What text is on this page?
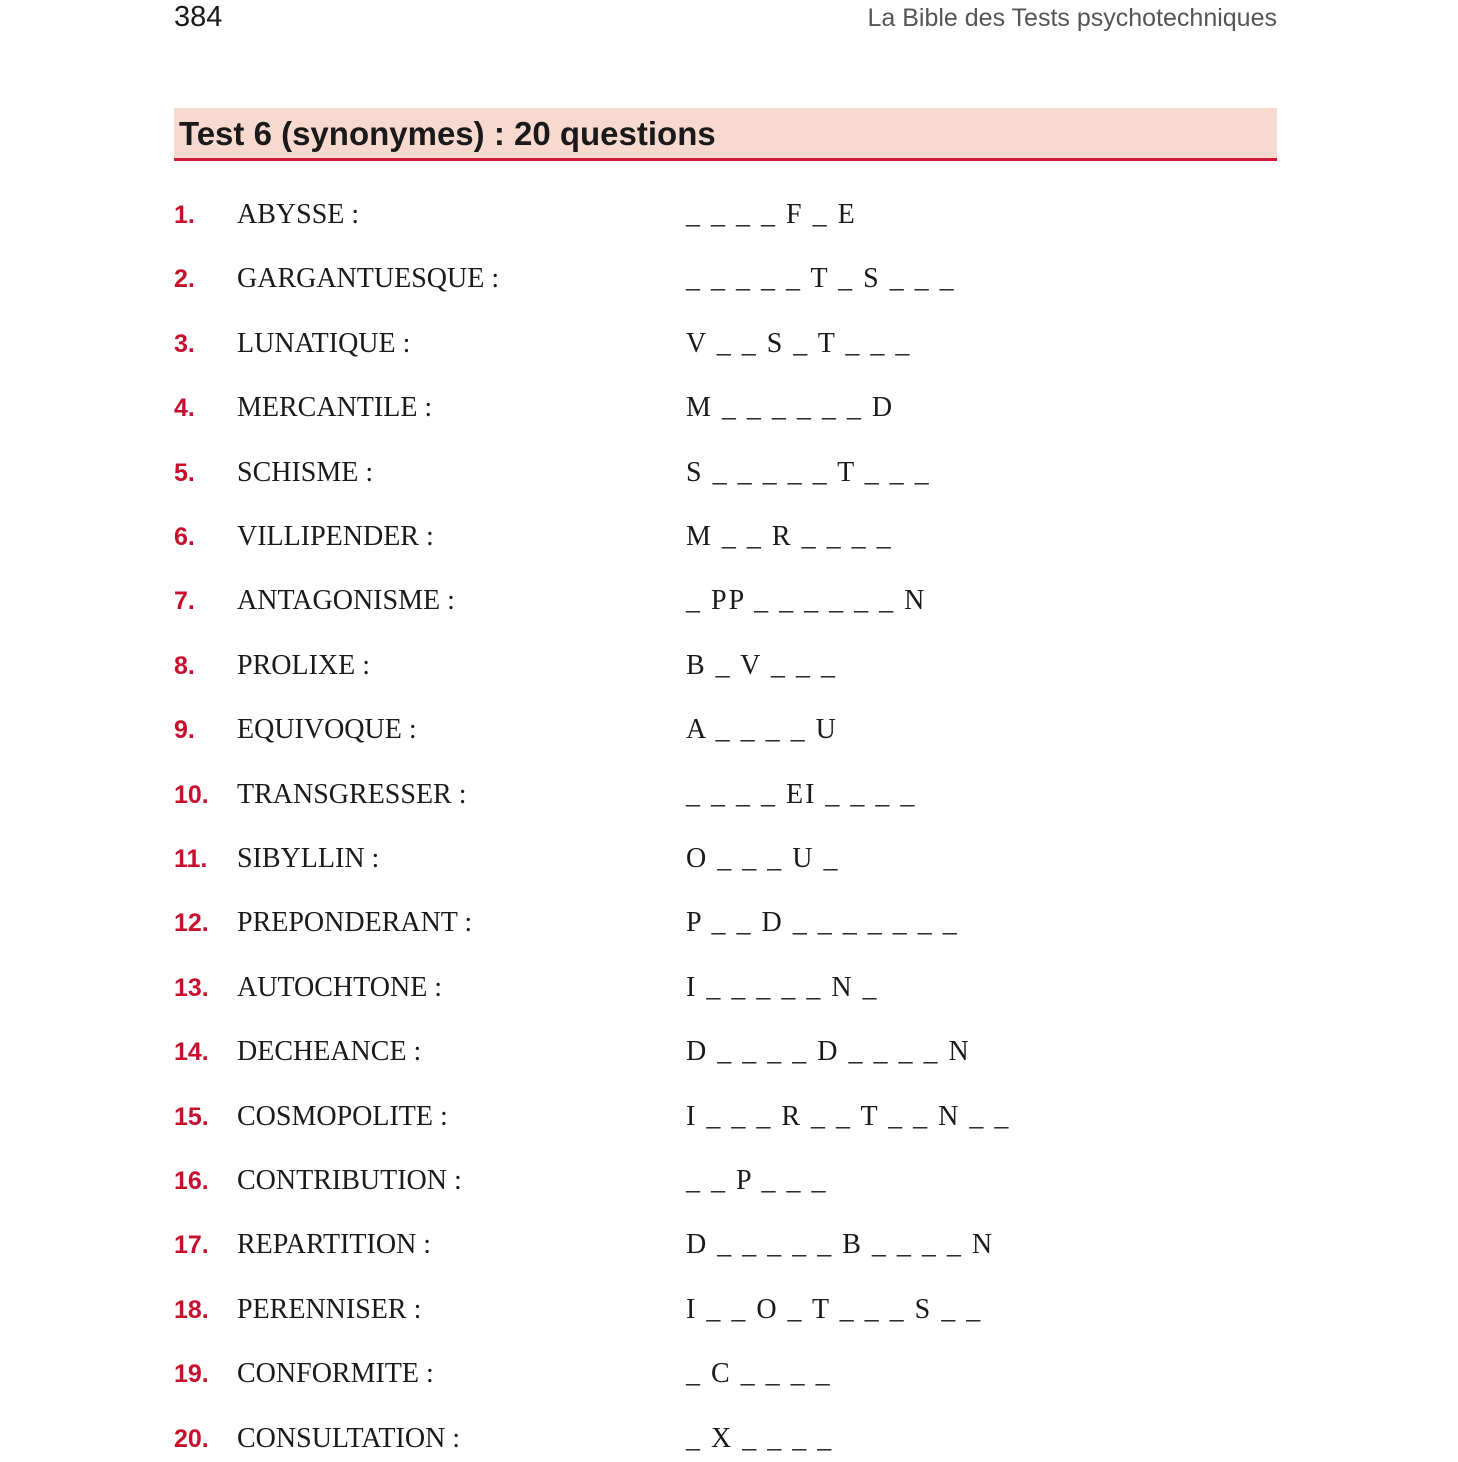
384	La Bible des Tests psychotechniques
Test 6 (synonymes) : 20 questions
1. ABYSSE :	_ _ _ _ F _ E
2. GARGANTUESQUE :	_ _ _ _ _ T _ S _ _ _
3. LUNATIQUE :	V _ _ S _ T _ _ _
4. MERCANTILE :	M _ _ _ _ _ _ D
5. SCHISME :	S _ _ _ _ _ T _ _ _
6. VILLIPENDER :	M _ _ R _ _ _ _
7. ANTAGONISME :	_ PP _ _ _ _ _ _ N
8. PROLIXE :	B _ V _ _ _
9. EQUIVOQUE :	A _ _ _ _ U
10. TRANSGRESSER :	_ _ _ _ EI _ _ _ _
11. SIBYLLIN :	O _ _ _ U _
12. PREPONDERANT :	P _ _ D _ _ _ _ _ _ _
13. AUTOCHTONE :	I _ _ _ _ _ N _
14. DECHEANCE :	D _ _ _ _ D _ _ _ _ N
15. COSMOPOLITE :	I _ _ _ R _ _ T _ _ N _ _
16. CONTRIBUTION :	_ _ P _ _ _
17. REPARTITION :	D _ _ _ _ _ B _ _ _ _ N
18. PERENNISER :	I _ _ O _ T _ _ _ S _ _
19. CONFORMITE :	_ C _ _ _ _
20. CONSULTATION :	_ X _ _ _ _
